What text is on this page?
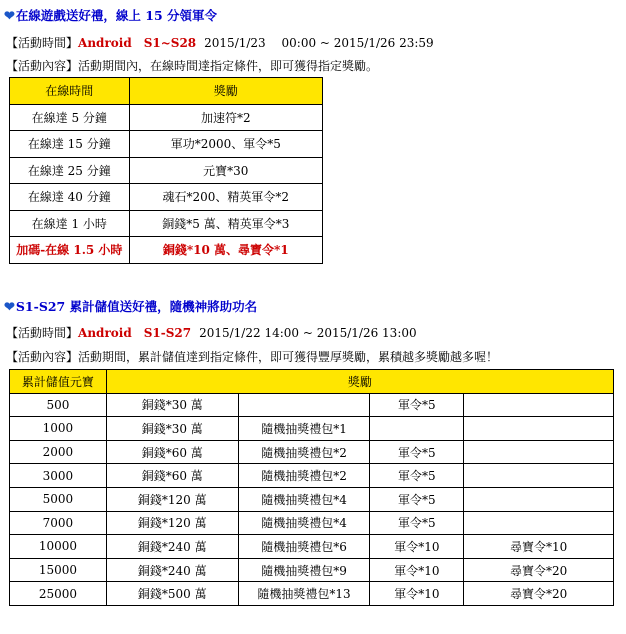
❤在線遊戲送好禮，線上 15 分領軍令
【活動時間】Android　S1~S28 2015/1/23　 00:00 ~ 2015/1/26 23:59
【活動內容】活動期間內，在線時間達指定條件，即可獲得指定獎勵。
在線時間	獎勵
在線達 5 分鐘	加速符*2
在線達 15 分鐘	軍功*2000、軍令*5
在線達 25 分鐘	元寶*30
在線達 40 分鐘	魂石*200、精英軍令*2
在線達 1 小時	銅錢*5 萬、精英軍令*3
加碼-在線 1.5 小時	銅錢*10 萬、尋寶令*1
❤S1-S27 累計儲值送好禮，隨機神將助功名
【活動時間】Android　S1-S27 2015/1/22 14:00 ~ 2015/1/26 13:00
【活動內容】活動期間，累計儲值達到指定條件，即可獲得豐厚獎勵，累積越多獎勵越多喔！
累計儲值元寶	獎勵			
500	銅錢*30 萬		軍令*5	
1000	銅錢*30 萬	隨機抽獎禮包*1		
2000	銅錢*60 萬	隨機抽獎禮包*2	軍令*5	
3000	銅錢*60 萬	隨機抽獎禮包*2	軍令*5	
5000	銅錢*120 萬	隨機抽獎禮包*4	軍令*5	
7000	銅錢*120 萬	隨機抽獎禮包*4	軍令*5	
10000	銅錢*240 萬	隨機抽獎禮包*6	軍令*10	尋寶令*10
15000	銅錢*240 萬	隨機抽獎禮包*9	軍令*10	尋寶令*20
25000	銅錢*500 萬	隨機抽獎禮包*13	軍令*10	尋寶令*20
